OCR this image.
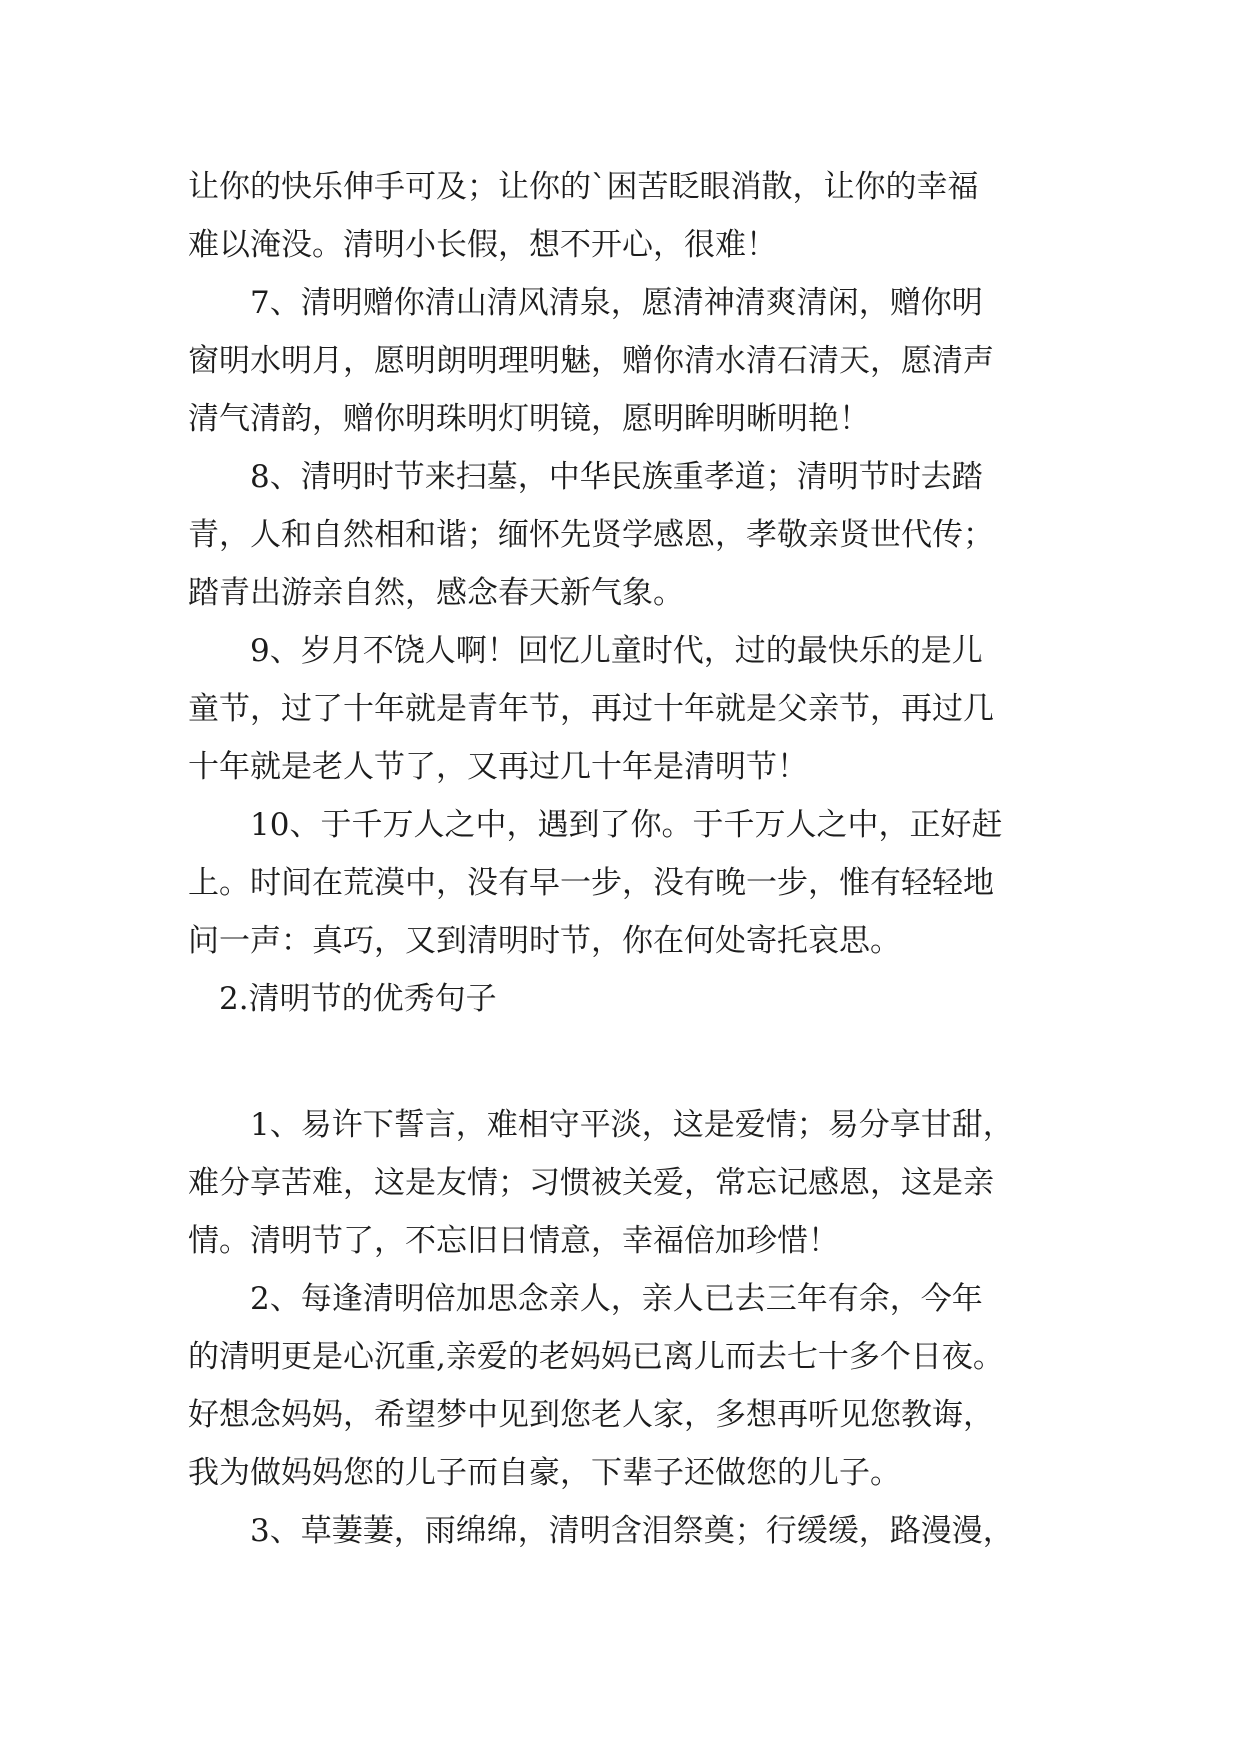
让你的快乐伸手可及；让你的`困苦眨眼消散，让你的幸福
难以淹没。清明小长假，想不开心，很难！
7、清明赠你清山清风清泉，愿清神清爽清闲，赠你明
窗明水明月，愿明朗明理明魅，赠你清水清石清天，愿清声
清气清韵，赠你明珠明灯明镜，愿明眸明晰明艳！
8、清明时节来扫墓，中华民族重孝道；清明节时去踏
青，人和自然相和谐；缅怀先贤学感恩，孝敬亲贤世代传；
踏青出游亲自然，感念春天新气象。
9、岁月不饶人啊！回忆儿童时代，过的最快乐的是儿
童节，过了十年就是青年节，再过十年就是父亲节，再过几
十年就是老人节了，又再过几十年是清明节！
10、于千万人之中，遇到了你。于千万人之中，正好赶
上。时间在荒漠中，没有早一步，没有晚一步，惟有轻轻地
问一声：真巧，又到清明时节，你在何处寄托哀思。
2.清明节的优秀句子
1、易许下誓言，难相守平淡，这是爱情；易分享甘甜，
难分享苦难，这是友情；习惯被关爱，常忘记感恩，这是亲
情。清明节了，不忘旧日情意，幸福倍加珍惜！
2、每逢清明倍加思念亲人，亲人已去三年有余，今年
的清明更是心沉重,亲爱的老妈妈已离儿而去七十多个日夜。
好想念妈妈，希望梦中见到您老人家，多想再听见您教诲，
我为做妈妈您的儿子而自豪，下辈子还做您的儿子。
3、草萋萋，雨绵绵，清明含泪祭奠；行缓缓，路漫漫，
